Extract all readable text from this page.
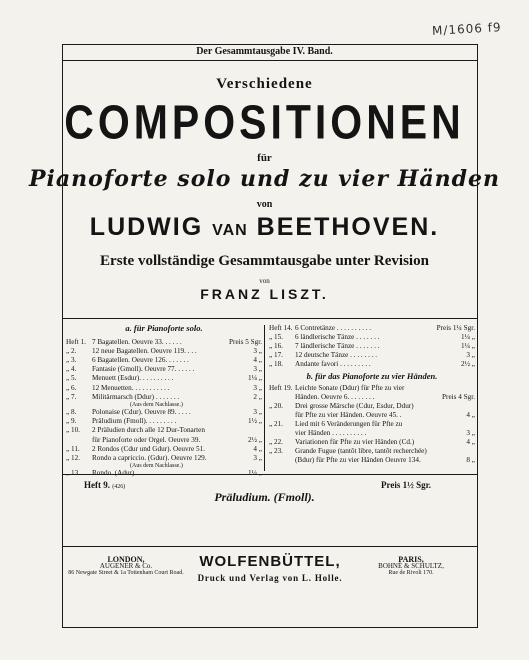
M/1606 f9
Der Gesammtausgabe IV. Band.
Verschiedene
COMPOSITIONEN
für
Pianoforte solo und zu vier Händen
von
LUDWIG VAN BEETHOVEN.
Erste vollständige Gesammtausgabe unter Revision
von
FRANZ LISZT.
a. für Pianoforte solo.
Heft 1. 7 Bagatellen. Oeuvre 33. . . . . .	Preis 5 Sgr.
„ 2.	12 neue Bagatellen. Oeuvre 119. . . .	3 „
„ 3.	6 Bagatellen. Oeuvre 126. . . . . . .	4 „
„ 4.	Fantasie (Gmoll). Oeuvre 77. . . . . .	3 „
„ 5.	Menuett (Esdur). . . . . . . . . .	1¼ „
„ 6.	12 Menuetten. . . . . . . . . . .	3 „
„ 7.	Militärmarsch (Ddur) . . . . . . .	2 „
(Aus dem Nachlasse.)
„ 8.	Polonaise (Cdur). Oeuvre 89. . . . .	3 „
„ 9.	Präludium (Fmoll). . . . . . . . .	1½ „
„ 10.	2 Präludien durch alle 12 Dur-Tonarten
für Pianoforte oder Orgel. Oeuvre 39.	2½ „
„ 11.	2 Rondos (Cdur und Gdur). Oeuvre 51.	4 „
„ 12.	Rondo a capriccio. (Gdur). Oeuvre 129.	3 „
(Aus dem Nachlasse.)
„ 13.	Rondo. (Adur). . . . . . . . . .	1¼ „
Heft 14. 6 Contretänze . . . . . . . . . .	Preis 1¼ Sgr.
„ 15.	6 ländlerische Tänze . . . . . . .	1¼ „
„ 16.	7 ländlerische Tänze . . . . . . .	1¼ „
„ 17.	12 deutsche Tänze . . . . . . . .	3 „
„ 18.	Andante favori . . . . . . . . .	2½ „
b. für das Pianoforte zu vier Händen.
Heft 19. Leichte Sonate (Ddur) für Pfte zu vier
Händen. Oeuvre 6. . . . . . . .	Preis 4 Sgr.
„ 20.	Drei grosse Märsche (Cdur, Esdur, Ddur)
für Pfte zu vier Händen. Oeuvre 45. .	4 „
„ 21.	Lied mit 6 Veränderungen für Pfte zu
vier Händen . . . . . . . . . .	3 „
„ 22.	Variationen für Pfte zu vier Händen (Cd.)	4 „
„ 23.	Grande Fugue (tantôt libre, tantôt recherchée)
(Bdur) für Pfte zu vier Händen Oeuvre 134.	8 „
Heft 9. (426)	Preis 1½ Sgr.
Präludium. (Fmoll).
LONDON,
AUGENER & Co.
86 Newgate Street & 1a Tottenham Court Road.
WOLFENBÜTTEL,
Druck und Verlag von L. Holle.
PARIS,
BOHNÉ & SCHULTZ,
Rue de Rivoli 170.
